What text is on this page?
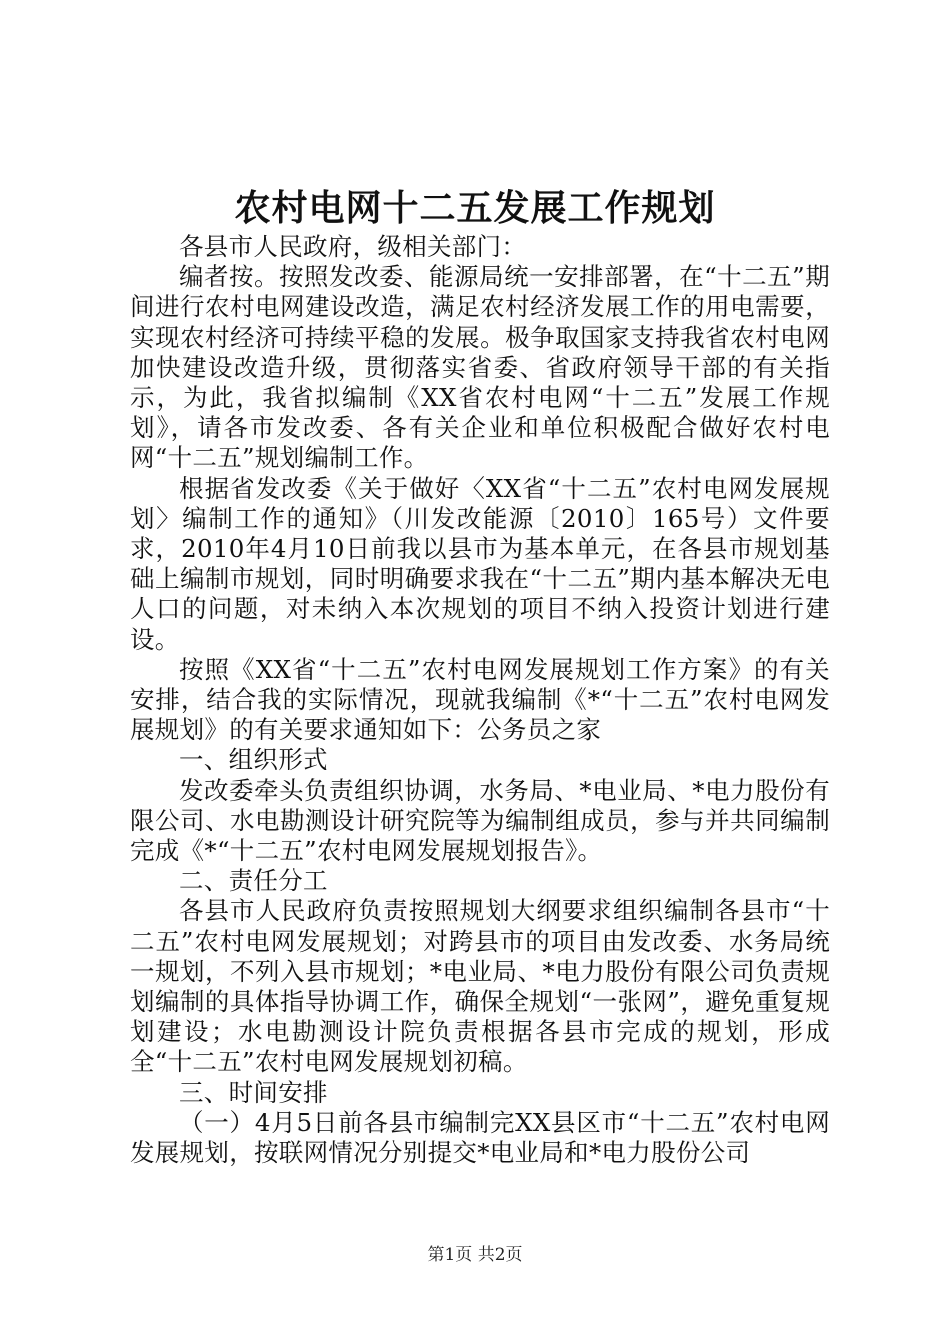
农村电网十二五发展工作规划

各县市人民政府，级相关部门：

编者按。按照发改委、能源局统一安排部署，在“十二五”期间进行农村电网建设改造，满足农村经济发展工作的用电需要，实现农村经济可持续平稳的发展。极争取国家支持我省农村电网加快建设改造升级，贯彻落实省委、省政府领导干部的有关指示，为此，我省拟编制《XX省农村电网“十二五”发展工作规划》，请各市发改委、各有关企业和单位积极配合做好农村电网“十二五”规划编制工作。

根据省发改委《关于做好〈XX省“十二五”农村电网发展规划〉编制工作的通知》（川发改能源〔2010〕165号）文件要求，2010年4月10日前我以县市为基本单元，在各县市规划基础上编制市规划，同时明确要求我在“十二五”期内基本解决无电人口的问题，对未纳入本次规划的项目不纳入投资计划进行建设。

按照《XX省“十二五”农村电网发展规划工作方案》的有关安排，结合我的实际情况，现就我编制《*“十二五”农村电网发展规划》的有关要求通知如下：公务员之家

一、组织形式

发改委牵头负责组织协调，水务局、*电业局、*电力股份有限公司、水电勘测设计研究院等为编制组成员，参与并共同编制完成《*“十二五”农村电网发展规划报告》。

二、责任分工

各县市人民政府负责按照规划大纲要求组织编制各县市“十二五”农村电网发展规划；对跨县市的项目由发改委、水务局统一规划，不列入县市规划；*电业局、*电力股份有限公司负责规划编制的具体指导协调工作，确保全规划“一张网”，避免重复规划建设；水电勘测设计院负责根据各县市完成的规划，形成全“十二五”农村电网发展规划初稿。

三、时间安排

（一）4月5日前各县市编制完XX县区市“十二五”农村电网发展规划，按联网情况分别提交*电业局和*电力股份公司

第1页 共2页
